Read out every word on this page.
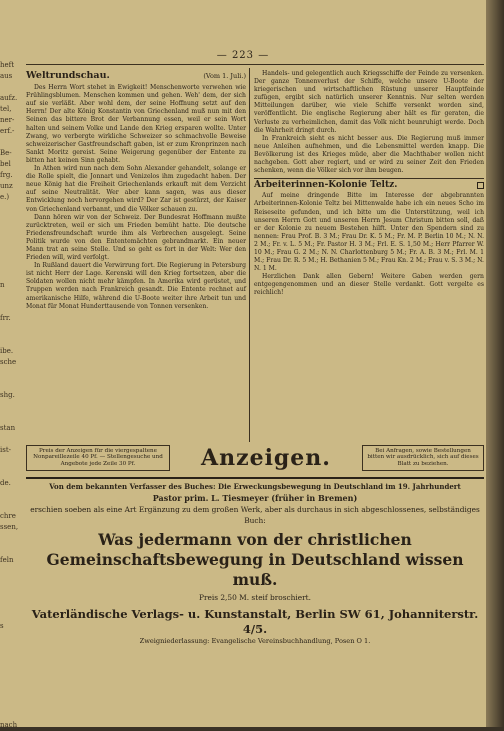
heft
aus

aufz.
tel,
ner-
erf.-

Be-
bel
frg.
unz
e.)

n

frr.

ibe.
sche

shg.

stan

ist-

de.

chre
ssen,

feln

s

nach
— 223 —
Weltrundschau.	(Vom 1. Juli.)

Des Herrn Wort stehet in Ewigkeit! Menschenworte verwehen wie Frühlingsblumen. Menschen kommen und gehen. Weh' dem, der sich auf sie verläßt. Aber wohl dem, der seine Hoffnung setzt auf den Herrn! Der alte König Konstantin von Griechenland muß nun mit den Seinen das bittere Brot der Verbannung essen, weil er sein Wort halten und seinem Volke und Lande den Krieg ersparen wollte. Unter Zwang, wo verbergte wirkliche Schweizer so schmachvolle Beweise schweizerischer Gastfreundschaft gaben, ist er zum Kronprinzen nach Sankt Moritz gereist. Seine Weigerung gegenüber der Entente zu bitten hat keinen Sinn gehabt.

In Athen wird nun nach dem Sohn Alexander gehandelt, solange er die Rolle spielt, die Jonnart und Venizelos ihm zugedacht haben. Der neue König hat die Freiheit Griechenlands erkauft mit dem Verzicht auf seine Neutralität. Wer aber kann sagen, was aus dieser Entwicklung noch hervorgehen wird? Der Zar ist gestürzt, der Kaiser von Griechenland verbannt, und die Völker schauen zu.

Dann hören wir von der Schweiz. Der Bundesrat Hoffmann mußte zurücktreten, weil er sich um Frieden bemüht hatte. Die deutsche Friedensfreundschaft wurde ihm als Verbrechen ausgelegt. Seine Politik wurde von den Ententemächten gebrandmarkt. Ein neuer Mann trat an seine Stelle. Und so geht es fort in der Welt: Wer den Frieden will, wird verfolgt.

In Rußland dauert die Verwirrung fort. Die Regierung in Petersburg ist nicht Herr der Lage. Kerenski will den Krieg fortsetzen, aber die Soldaten wollen nicht mehr kämpfen. In Amerika wird gerüstet, und Truppen werden nach Frankreich gesandt. Die Entente rechnet auf amerikanische Hilfe, während die U-Boote weiter ihre Arbeit tun und Monat für Monat Hunderttausende von Tonnen versenken.

Handels- und gelegentlich auch Kriegsschiffe der Feinde zu versenken. Der ganze Tonnenverlust der Schiffe, welche unsere U-Boote der kriegerischen und wirtschaftlichen Rüstung unserer Hauptfeinde zufügen, ergibt sich natürlich unserer Kenntnis. Nur selten werden Mitteilungen darüber, wie viele Schiffe versenkt worden sind, veröffentlicht. Die englische Regierung aber hält es für geraten, die Verluste zu verheimlichen, damit das Volk nicht beunruhigt werde. Doch die Wahrheit dringt durch.

In Frankreich sieht es nicht besser aus. Die Regierung muß immer neue Anleihen aufnehmen, und die Lebensmittel werden knapp. Die Bevölkerung ist des Krieges müde, aber die Machthaber wollen nicht nachgeben. Gott aber regiert, und er wird zu seiner Zeit den Frieden schenken, wenn die Völker sich vor ihm beugen.

Arbeiterinnen-Kolonie Teltz.

Auf meine dringende Bitte im Interesse der abgebrannten Arbeiterinnen-Kolonie Teltz bei Mittenwalde habe ich ein neues Scho im Reiseseite gefunden, und ich bitte um die Unterstützung, weil ich unseren Herrn Gott und unseren Herrn Jesum Christum bitten soll, daß er der Kolonie zu neuem Bestehen hilft. Unter den Spendern sind zu nennen: Frau Prof. B. 3 M.; Frau Dr. K. 5 M.; Fr. M. P. Berlin 10 M.; N. N. 2 M.; Fr. v. L. 5 M.; Fr. Pastor H. 3 M.; Frl. E. S. 1,50 M.; Herr Pfarrer W. 10 M.; Frau G. 2 M.; N. N. Charlottenburg 5 M.; Fr. A. B. 3 M.; Frl. M. 1 M.; Frau Dr. R. 5 M.; H. Bethanien 5 M.; Frau Kn. 2 M.; Frau v. S. 3 M.; N. N. 1 M.

Herzlichen Dank allen Gebern! Weitere Gaben werden gern entgegengenommen und an dieser Stelle verdankt. Gott vergelte es reichlich!

Preis der Anzeigen für die viergespaltene Nonpareillezeile 40 Pf. — Stellengesuche und Angebote jede Zeile 30 Pf.	Anzeigen.	Bei Anfragen, sowie Bestellungen bitten wir ausdrücklich, sich auf dieses Blatt zu beziehen.
Von dem bekannten Verfasser des Buches: Die Erweckungsbewegung in Deutschland im 19. Jahrhundert
Pastor prim. L. Tiesmeyer (früher in Bremen)
erschien soeben als eine Art Ergänzung zu dem großen Werk, aber als durchaus in sich abgeschlossenes, selbständiges Buch:
Was jedermann von der christlichen Gemeinschaftsbewegung in Deutschland wissen muß.
Preis 2,50 M. steif broschiert.
Vaterländische Verlags- u. Kunstanstalt, Berlin SW 61, Johanniterstr. 4/5.
Zweigniederlassung: Evangelische Vereinsbuchhandlung, Posen O 1.
